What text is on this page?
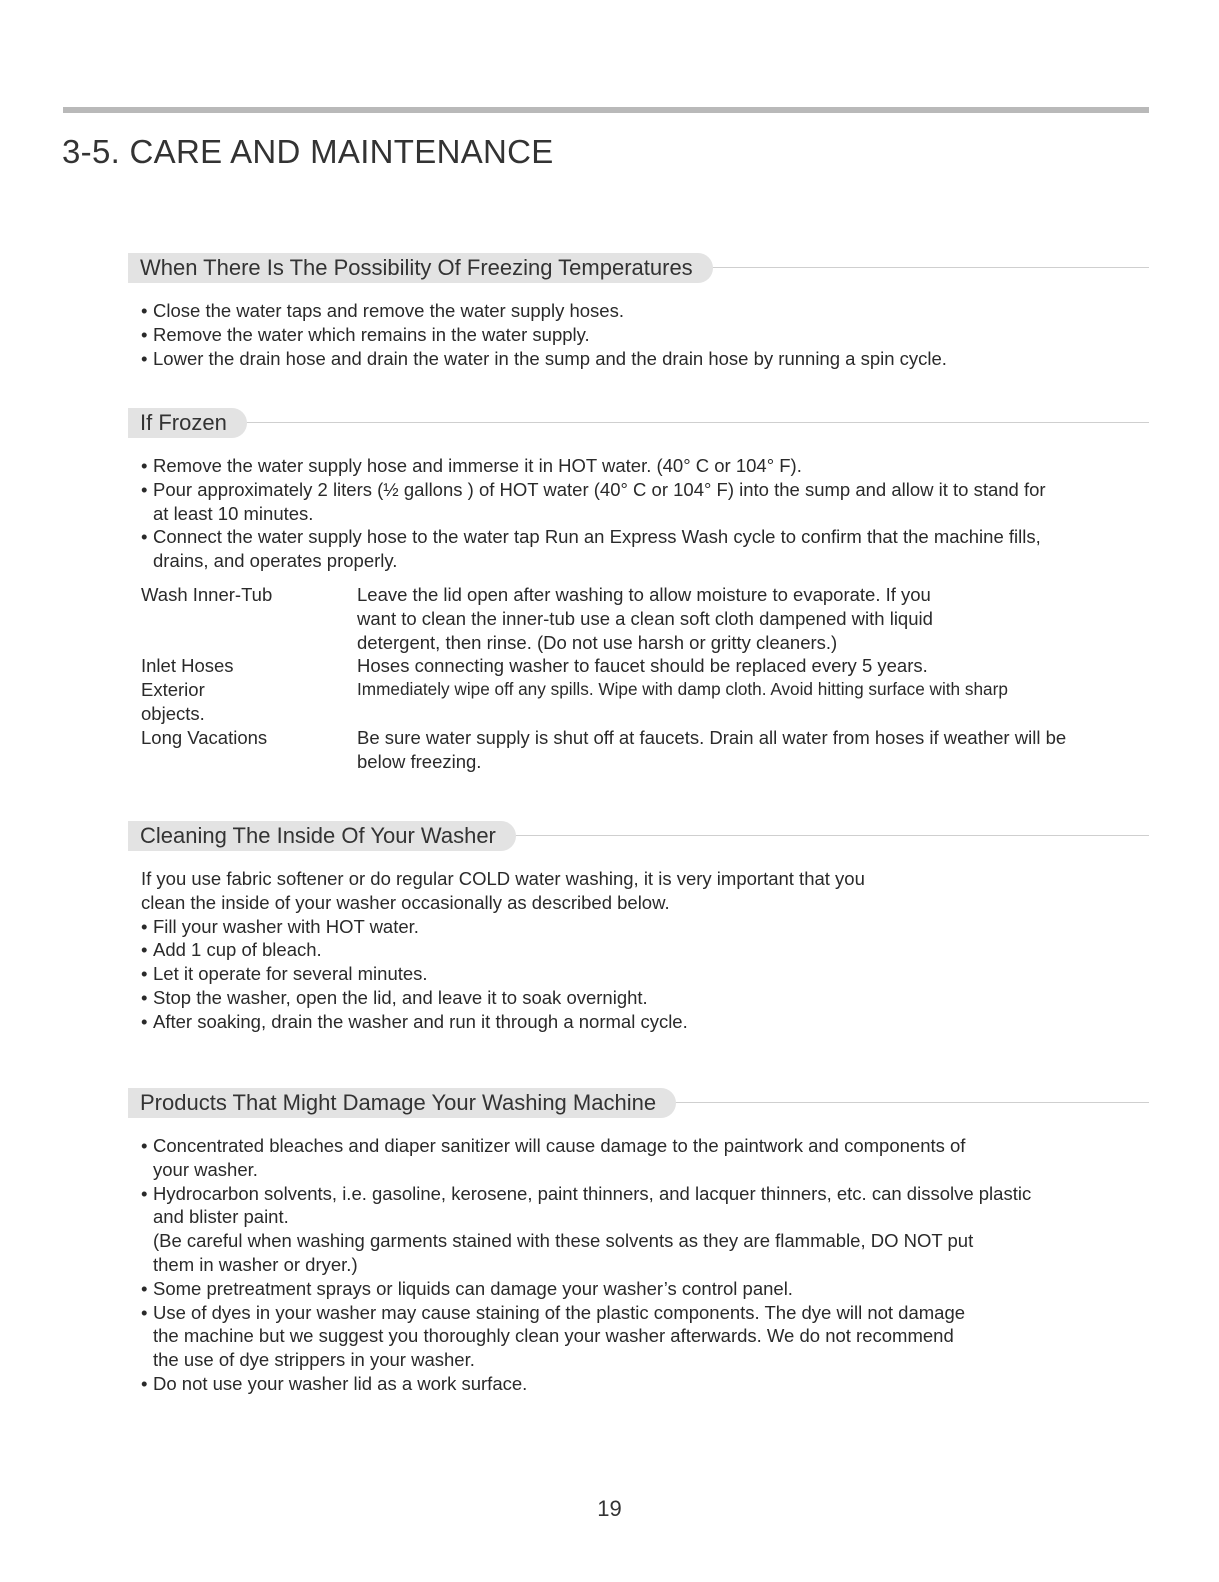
3-5. CARE AND MAINTENANCE
When There Is The Possibility Of Freezing Temperatures

• Close the water taps and remove the water supply hoses.

• Remove the water which remains in the water supply.

• Lower the drain hose and drain the water in the sump and the drain hose by running a spin cycle.

If Frozen

• Remove the water supply hose and immerse it in HOT water. (40° C or 104° F).

• Pour approximately 2 liters (½ gallons ) of HOT water (40° C or 104° F) into the sump and allow it to stand for
at least 10 minutes.

• Connect the water supply hose to the water tap Run an Express Wash cycle to confirm that the machine fills,
drains, and operates properly.

Wash Inner-Tub	Leave the lid open after washing to allow moisture to evaporate. If you
want to clean the inner-tub use a clean soft cloth dampened with liquid
detergent, then rinse. (Do not use harsh or gritty cleaners.)
Inlet Hoses	Hoses connecting washer to faucet should be replaced every 5 years.
Exterior	Immediately wipe off any spills. Wipe with damp cloth. Avoid hitting surface with sharp
objects.
Long Vacations	Be sure water supply is shut off at faucets. Drain all water from hoses if weather will be
below freezing.
Cleaning The Inside Of Your Washer

If you use fabric softener or do regular COLD water washing, it is very important that you

clean the inside of your washer occasionally as described below.

• Fill your washer with HOT water.

• Add 1 cup of bleach.

• Let it operate for several minutes.

• Stop the washer, open the lid, and leave it to soak overnight.

• After soaking, drain the washer and run it through a normal cycle.

Products That Might Damage Your Washing Machine

• Concentrated bleaches and diaper sanitizer will cause damage to the paintwork and components of
your washer.

• Hydrocarbon solvents, i.e. gasoline, kerosene, paint thinners, and lacquer thinners, etc. can dissolve plastic
and blister paint.
(Be careful when washing garments stained with these solvents as they are flammable, DO NOT put
them in washer or dryer.)

• Some pretreatment sprays or liquids can damage your washer’s control panel.

• Use of dyes in your washer may cause staining of the plastic components. The dye will not damage
the machine but we suggest you thoroughly clean your washer afterwards. We do not recommend
the use of dye strippers in your washer.

• Do not use your washer lid as a work surface.

19
